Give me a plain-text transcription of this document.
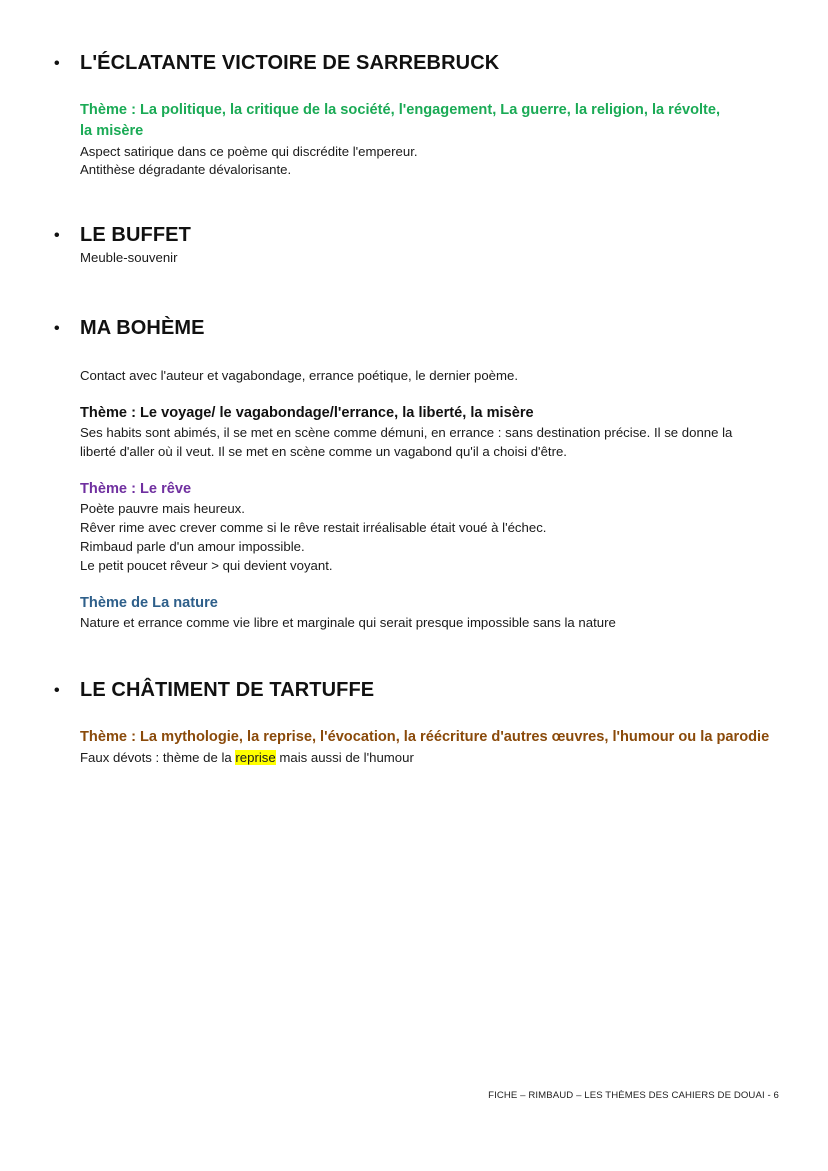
• L'ÉCLATANTE VICTOIRE DE SARREBRUCK
Thème : La politique, la critique de la société, l'engagement, La guerre, la religion, la révolte,
la misère
Aspect satirique dans ce poème qui discrédite l'empereur.
Antithèse dégradante dévalorisante.
• LE BUFFET
Meuble-souvenir
• MA BOHÈME
Contact avec l'auteur et vagabondage, errance poétique, le dernier poème.
Thème : Le voyage/ le vagabondage/l'errance, la liberté, la misère
Ses habits sont abimés, il se met en scène comme démuni, en errance : sans destination précise. Il se donne la
liberté d'aller où il veut. Il se met en scène comme un vagabond qu'il a choisi d'être.
Thème : Le rêve
Poète pauvre mais heureux.
Rêver rime avec crever comme si le rêve restait irréalisable était voué à l'échec.
Rimbaud parle d'un amour impossible.
Le petit poucet rêveur > qui devient voyant.
Thème de La nature
Nature et errance comme vie libre et marginale qui serait presque impossible sans la nature
• LE CHÂTIMENT DE TARTUFFE
Thème : La mythologie, la reprise, l'évocation, la réécriture d'autres œuvres, l'humour ou la parodie
Faux dévots : thème de la reprise mais aussi de l'humour
FICHE – RIMBAUD – LES THÈMES DES CAHIERS DE DOUAI - 6
